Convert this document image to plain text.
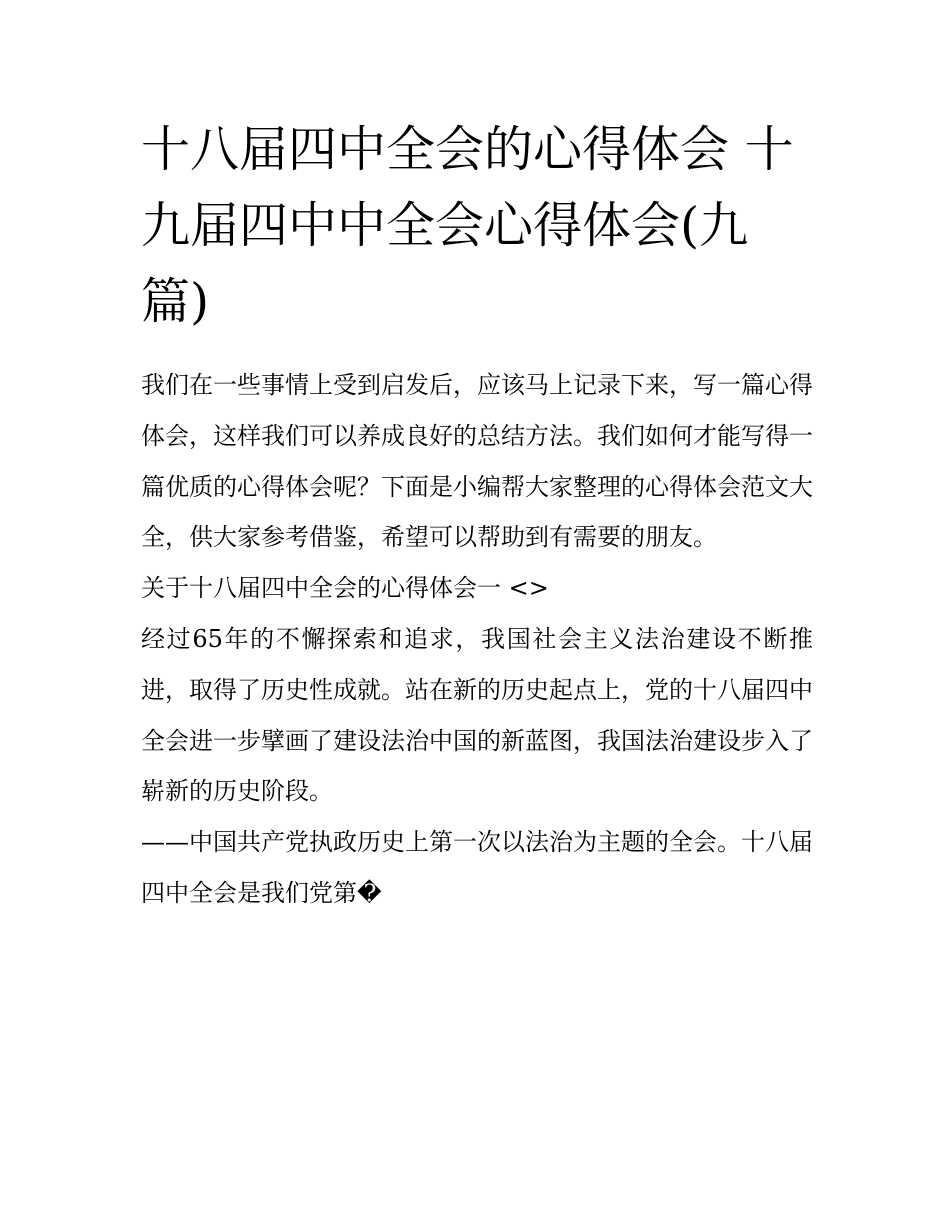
十八届四中全会的心得体会 十九届四中中全会心得体会(九篇)

我们在一些事情上受到启发后，应该马上记录下来，写一篇心得体会，这样我们可以养成良好的总结方法。我们如何才能写得一篇优质的心得体会呢？下面是小编帮大家整理的心得体会范文大全，供大家参考借鉴，希望可以帮助到有需要的朋友。

关于十八届四中全会的心得体会一 <>

经过65年的不懈探索和追求，我国社会主义法治建设不断推进，取得了历史性成就。站在新的历史起点上，党的十八届四中全会进一步擘画了建设法治中国的新蓝图，我国法治建设步入了崭新的历史阶段。

——中国共产党执政历史上第一次以法治为主题的全会。十八届四中全会是我们党第�
